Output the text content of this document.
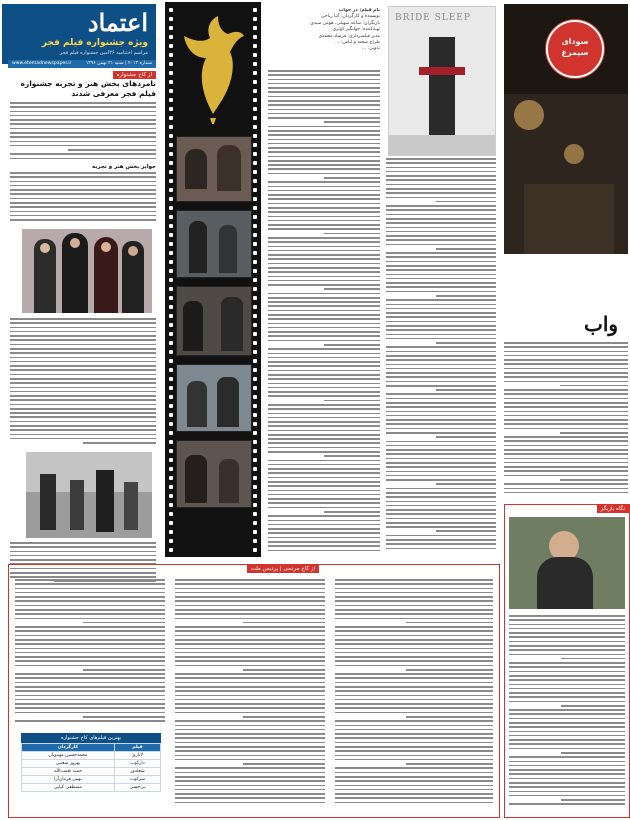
اعتماد
ویژه جشنواره فیلم فجر
مراسم اختتامیه ۳۶امین جشنواره فیلم فجر
شماره ۴۰۱۳ | شنبه ۲۱ بهمن ۱۳۹۶
www.etemadnewspaper.ir
از کاخ جشنواره
نامزدهای بخش هنر و تجربه جشنواره فیلم فجر معرفی شدند
جوایز بخش هنر و تجربه
نام فیلم: در خواب
نویسنده و کارگردان: آتنا ریاحی
بازیگران: ساعد سهیلی، هومن سیدی
تهیه‌کننده: جهانگیر کوثری
مدیر فیلمبرداری: فرشاد محمدی
طراح صحنه و لباس: ...
تدوین: ...
BRIDE SLEEP
سودای سیمرغ
واب
نگاه بازیگر
از کاخ مردمی | پردیس ملت
بهترین فیلم‌های کاخ جشنواره
فیلم	کارگردان
لاتاری	محمدحسین مهدویان
دارکوب	بهروز شعیبی
شعله‌ور	حمید نعمت‌الله
سرکوب	بهمن فرمان‌آرا
بی‌حسی	مصطفی کیایی
